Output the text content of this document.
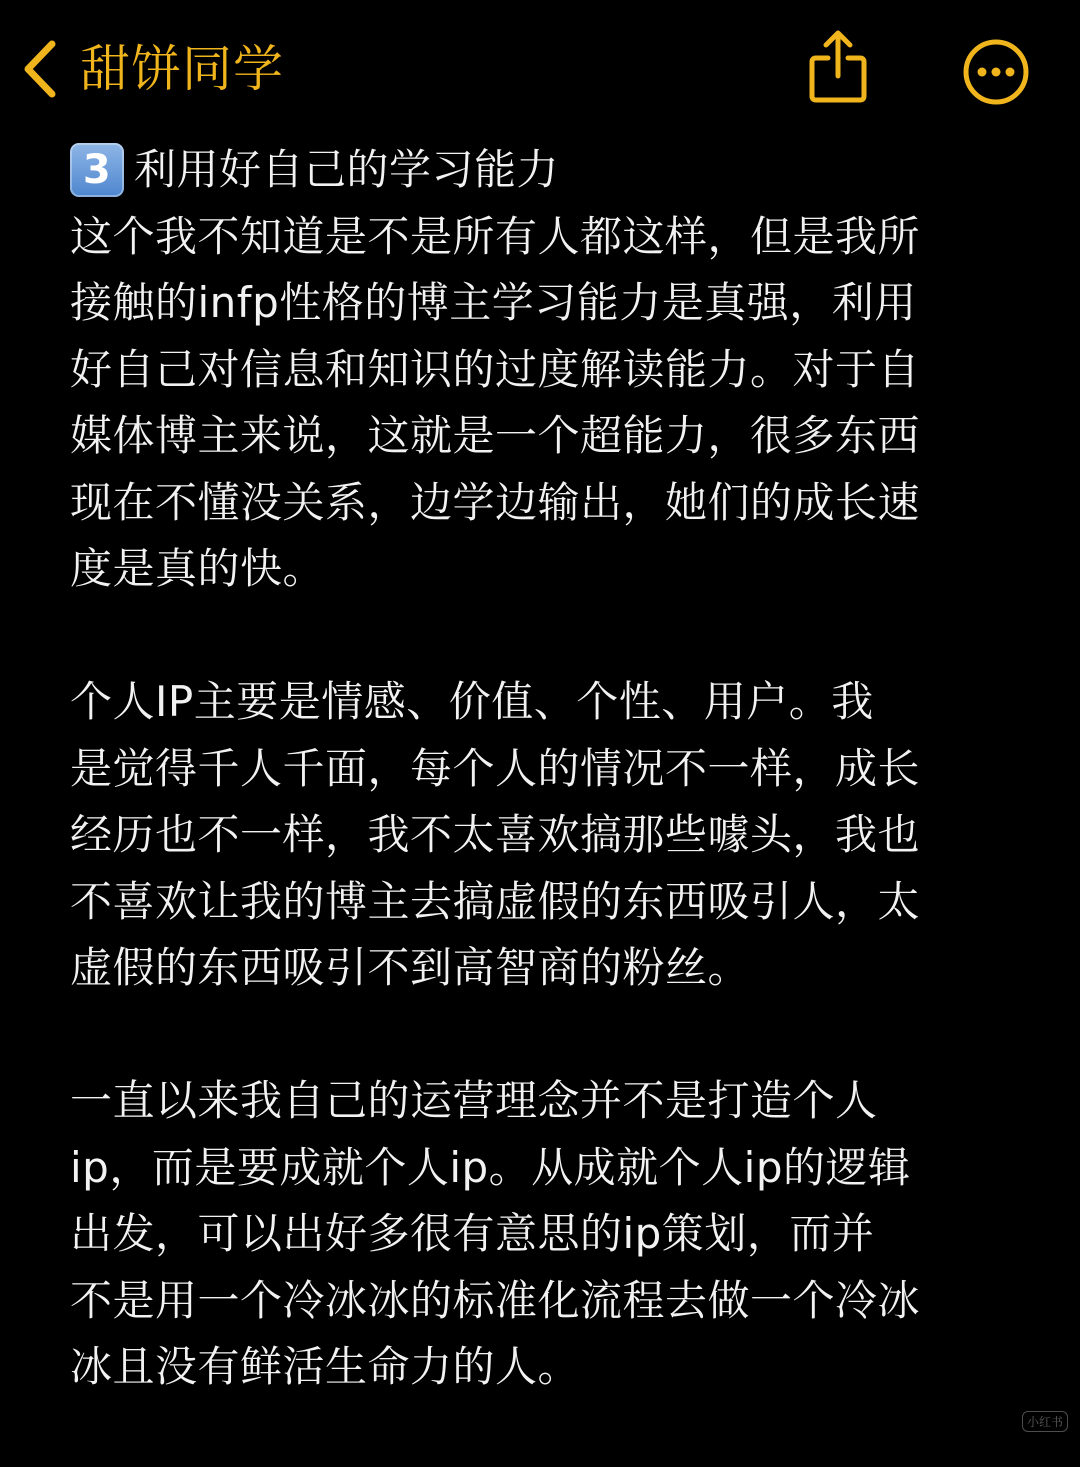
甜饼同学
3 利用好自己的学习能力
这个我不知道是不是所有人都这样，但是我所
接触的infp性格的博主学习能力是真强，利用
好自己对信息和知识的过度解读能力。对于自
媒体博主来说，这就是一个超能力，很多东西
现在不懂没关系，边学边输出，她们的成长速
度是真的快。
个人IP主要是情感、价值、个性、用户。我
是觉得千人千面，每个人的情况不一样，成长
经历也不一样，我不太喜欢搞那些噱头，我也
不喜欢让我的博主去搞虚假的东西吸引人，太
虚假的东西吸引不到高智商的粉丝。
一直以来我自己的运营理念并不是打造个人
ip，而是要成就个人ip。从成就个人ip的逻辑
出发，可以出好多很有意思的ip策划，而并
不是用一个冷冰冰的标准化流程去做一个冷冰
冰且没有鲜活生命力的人。
小红书
